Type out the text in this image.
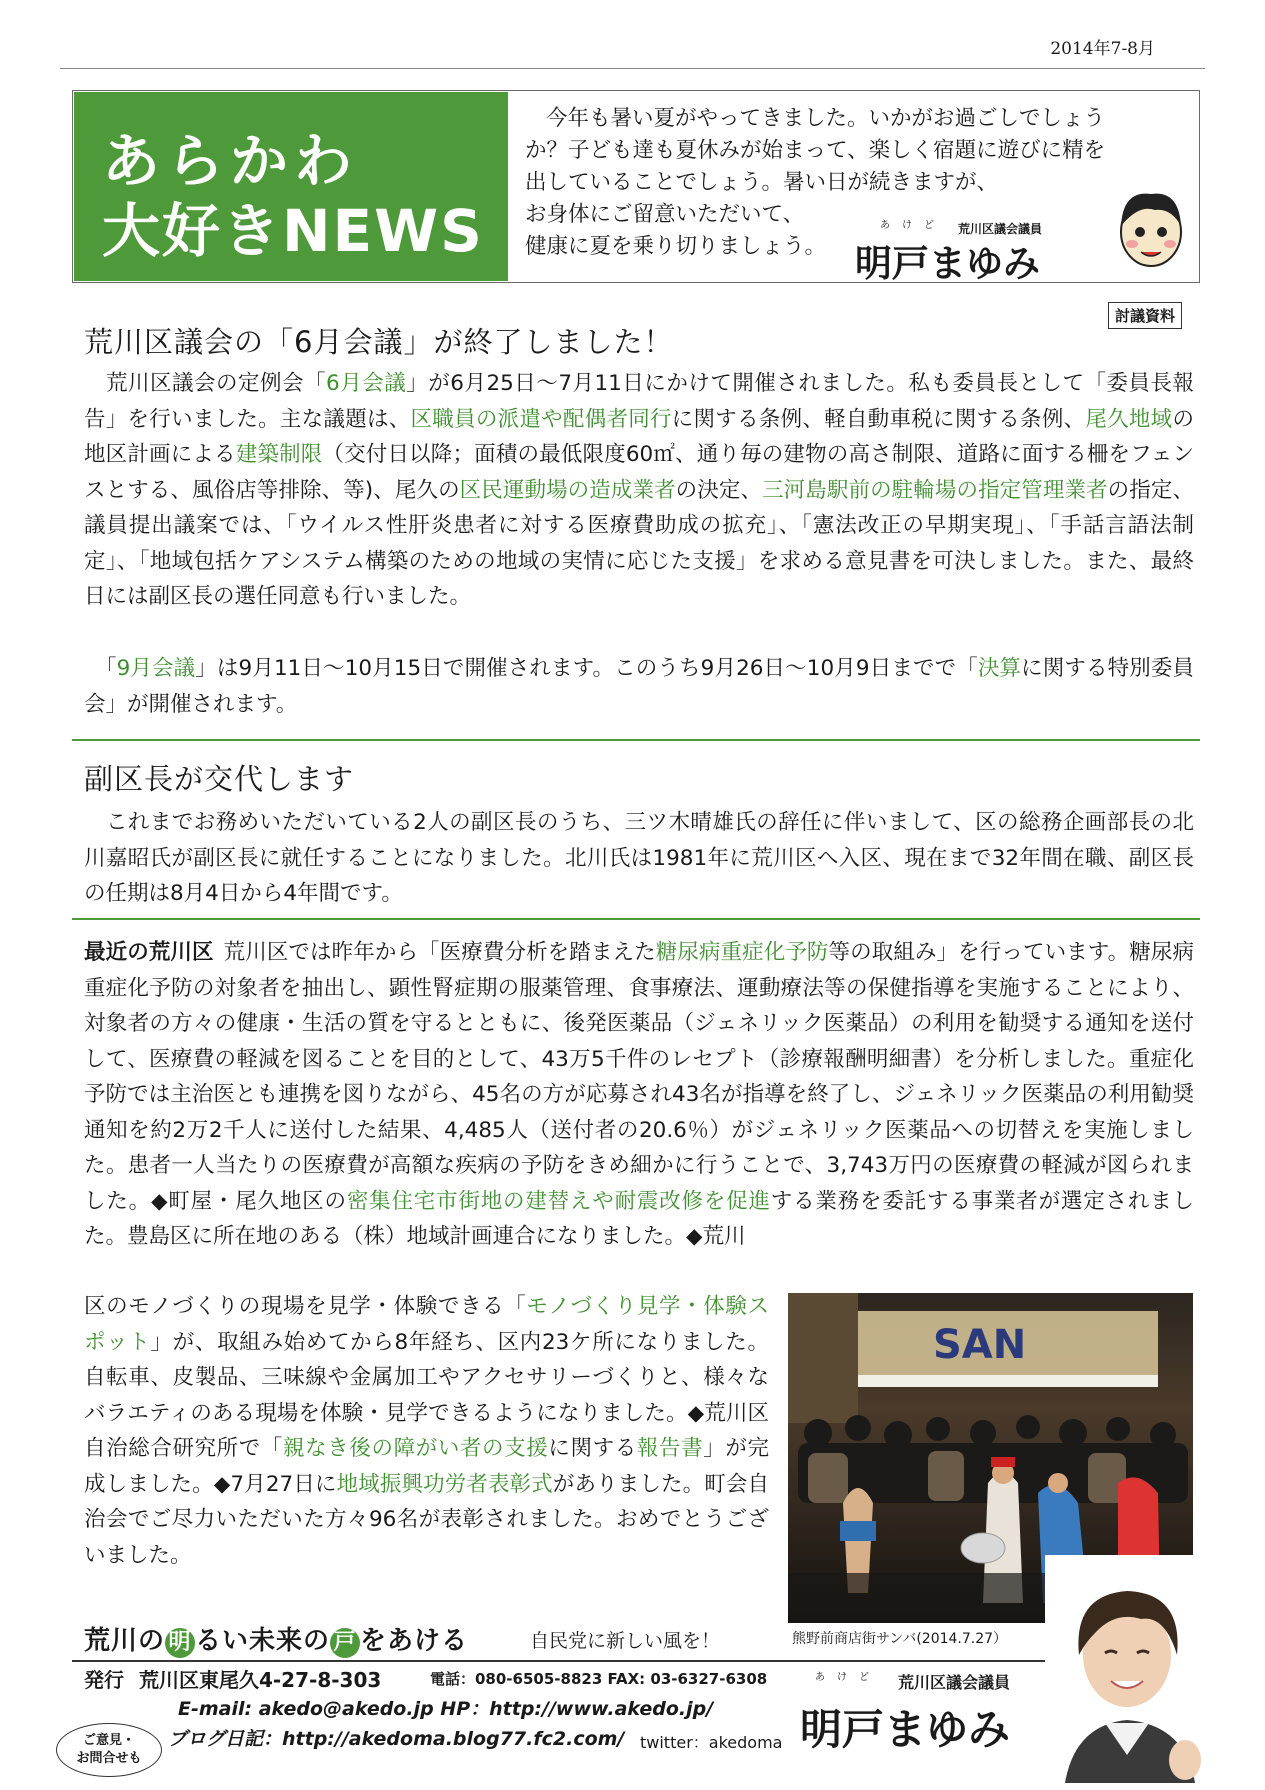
2014年7-8月
あらかわ
大好きNEWS

今年も暑い夏がやってきました。いかがお過ごしでしょう

か？子ども達も夏休みが始まって、楽しく宿題に遊びに精を
出していることでしょう。暑い日が続きますが、
お身体にご留意いただいて、
健康に夏を乗り切りましょう。
あけど 荒川区議会議員
明戸まゆみ
討議資料
荒川区議会の「6月会議」が終了しました！
荒川区議会の定例会「6月会議」が6月25日〜7月11日にかけて開催されました。私も委員長として「委員長報告」を行いました。主な議題は、区職員の派遣や配偶者同行に関する条例、軽自動車税に関する条例、尾久地域の地区計画による建築制限（交付日以降；面積の最低限度60㎡、通り毎の建物の高さ制限、道路に面する柵をフェンスとする、風俗店等排除、等)、尾久の区民運動場の造成業者の決定、三河島駅前の駐輪場の指定管理業者の指定、議員提出議案では、「ウイルス性肝炎患者に対する医療費助成の拡充」、「憲法改正の早期実現」、「手話言語法制定」、「地域包括ケアシステム構築のための地域の実情に応じた支援」を求める意見書を可決しました。また、最終日には副区長の選任同意も行いました。
「9月会議」は9月11日〜10月15日で開催されます。このうち9月26日〜10月9日までで「決算に関する特別委員会」が開催されます。
副区長が交代します
これまでお務めいただいている2人の副区長のうち、三ツ木晴雄氏の辞任に伴いまして、区の総務企画部長の北川嘉昭氏が副区長に就任することになりました。北川氏は1981年に荒川区へ入区、現在まで32年間在職、副区長の任期は8月4日から4年間です。
最近の荒川区 荒川区では昨年から「医療費分析を踏まえた糖尿病重症化予防等の取組み」を行っています。糖尿病重症化予防の対象者を抽出し、顕性腎症期の服薬管理、食事療法、運動療法等の保健指導を実施することにより、対象者の方々の健康・生活の質を守るとともに、後発医薬品（ジェネリック医薬品）の利用を勧奨する通知を送付して、医療費の軽減を図ることを目的として、43万5千件のレセプト（診療報酬明細書）を分析しました。重症化予防では主治医とも連携を図りながら、45名の方が応募され43名が指導を終了し、ジェネリック医薬品の利用勧奨通知を約2万2千人に送付した結果、4,485人（送付者の20.6％）がジェネリック医薬品への切替えを実施しました。患者一人当たりの医療費が高額な疾病の予防をきめ細かに行うことで、3,743万円の医療費の軽減が図られました。◆町屋・尾久地区の密集住宅市街地の建替えや耐震改修を促進する業務を委託する事業者が選定されました。豊島区に所在地のある（株）地域計画連合になりました。◆荒川
区のモノづくりの現場を見学・体験できる「モノづくり見学・体験スポット」が、取組み始めてから8年経ち、区内23ケ所になりました。自転車、皮製品、三味線や金属加工やアクセサリーづくりと、様々なバラエティのある現場を体験・見学できるようになりました。◆荒川区自治総合研究所で「親なき後の障がい者の支援に関する報告書」が完成しました。◆7月27日に地域振興功労者表彰式がありました。町会自治会でご尽力いただいた方々96名が表彰されました。おめでとうございました。
SAN
熊野前商店街サンバ(2014.7.27）
荒川の 明 るい未来の 戸 をあける	自民党に新しい風を！
発行 荒川区東尾久4-27-8-303	電話：080-6505-8823 FAX: 03-6327-6308
E-mail: akedo@akedo.jp HP：http://www.akedo.jp/
ブログ日記：http://akedoma.blog77.fc2.com/ twitter：akedoma
ご意見・
お問合せも
あけど 荒川区議会議員
明戸まゆみ
